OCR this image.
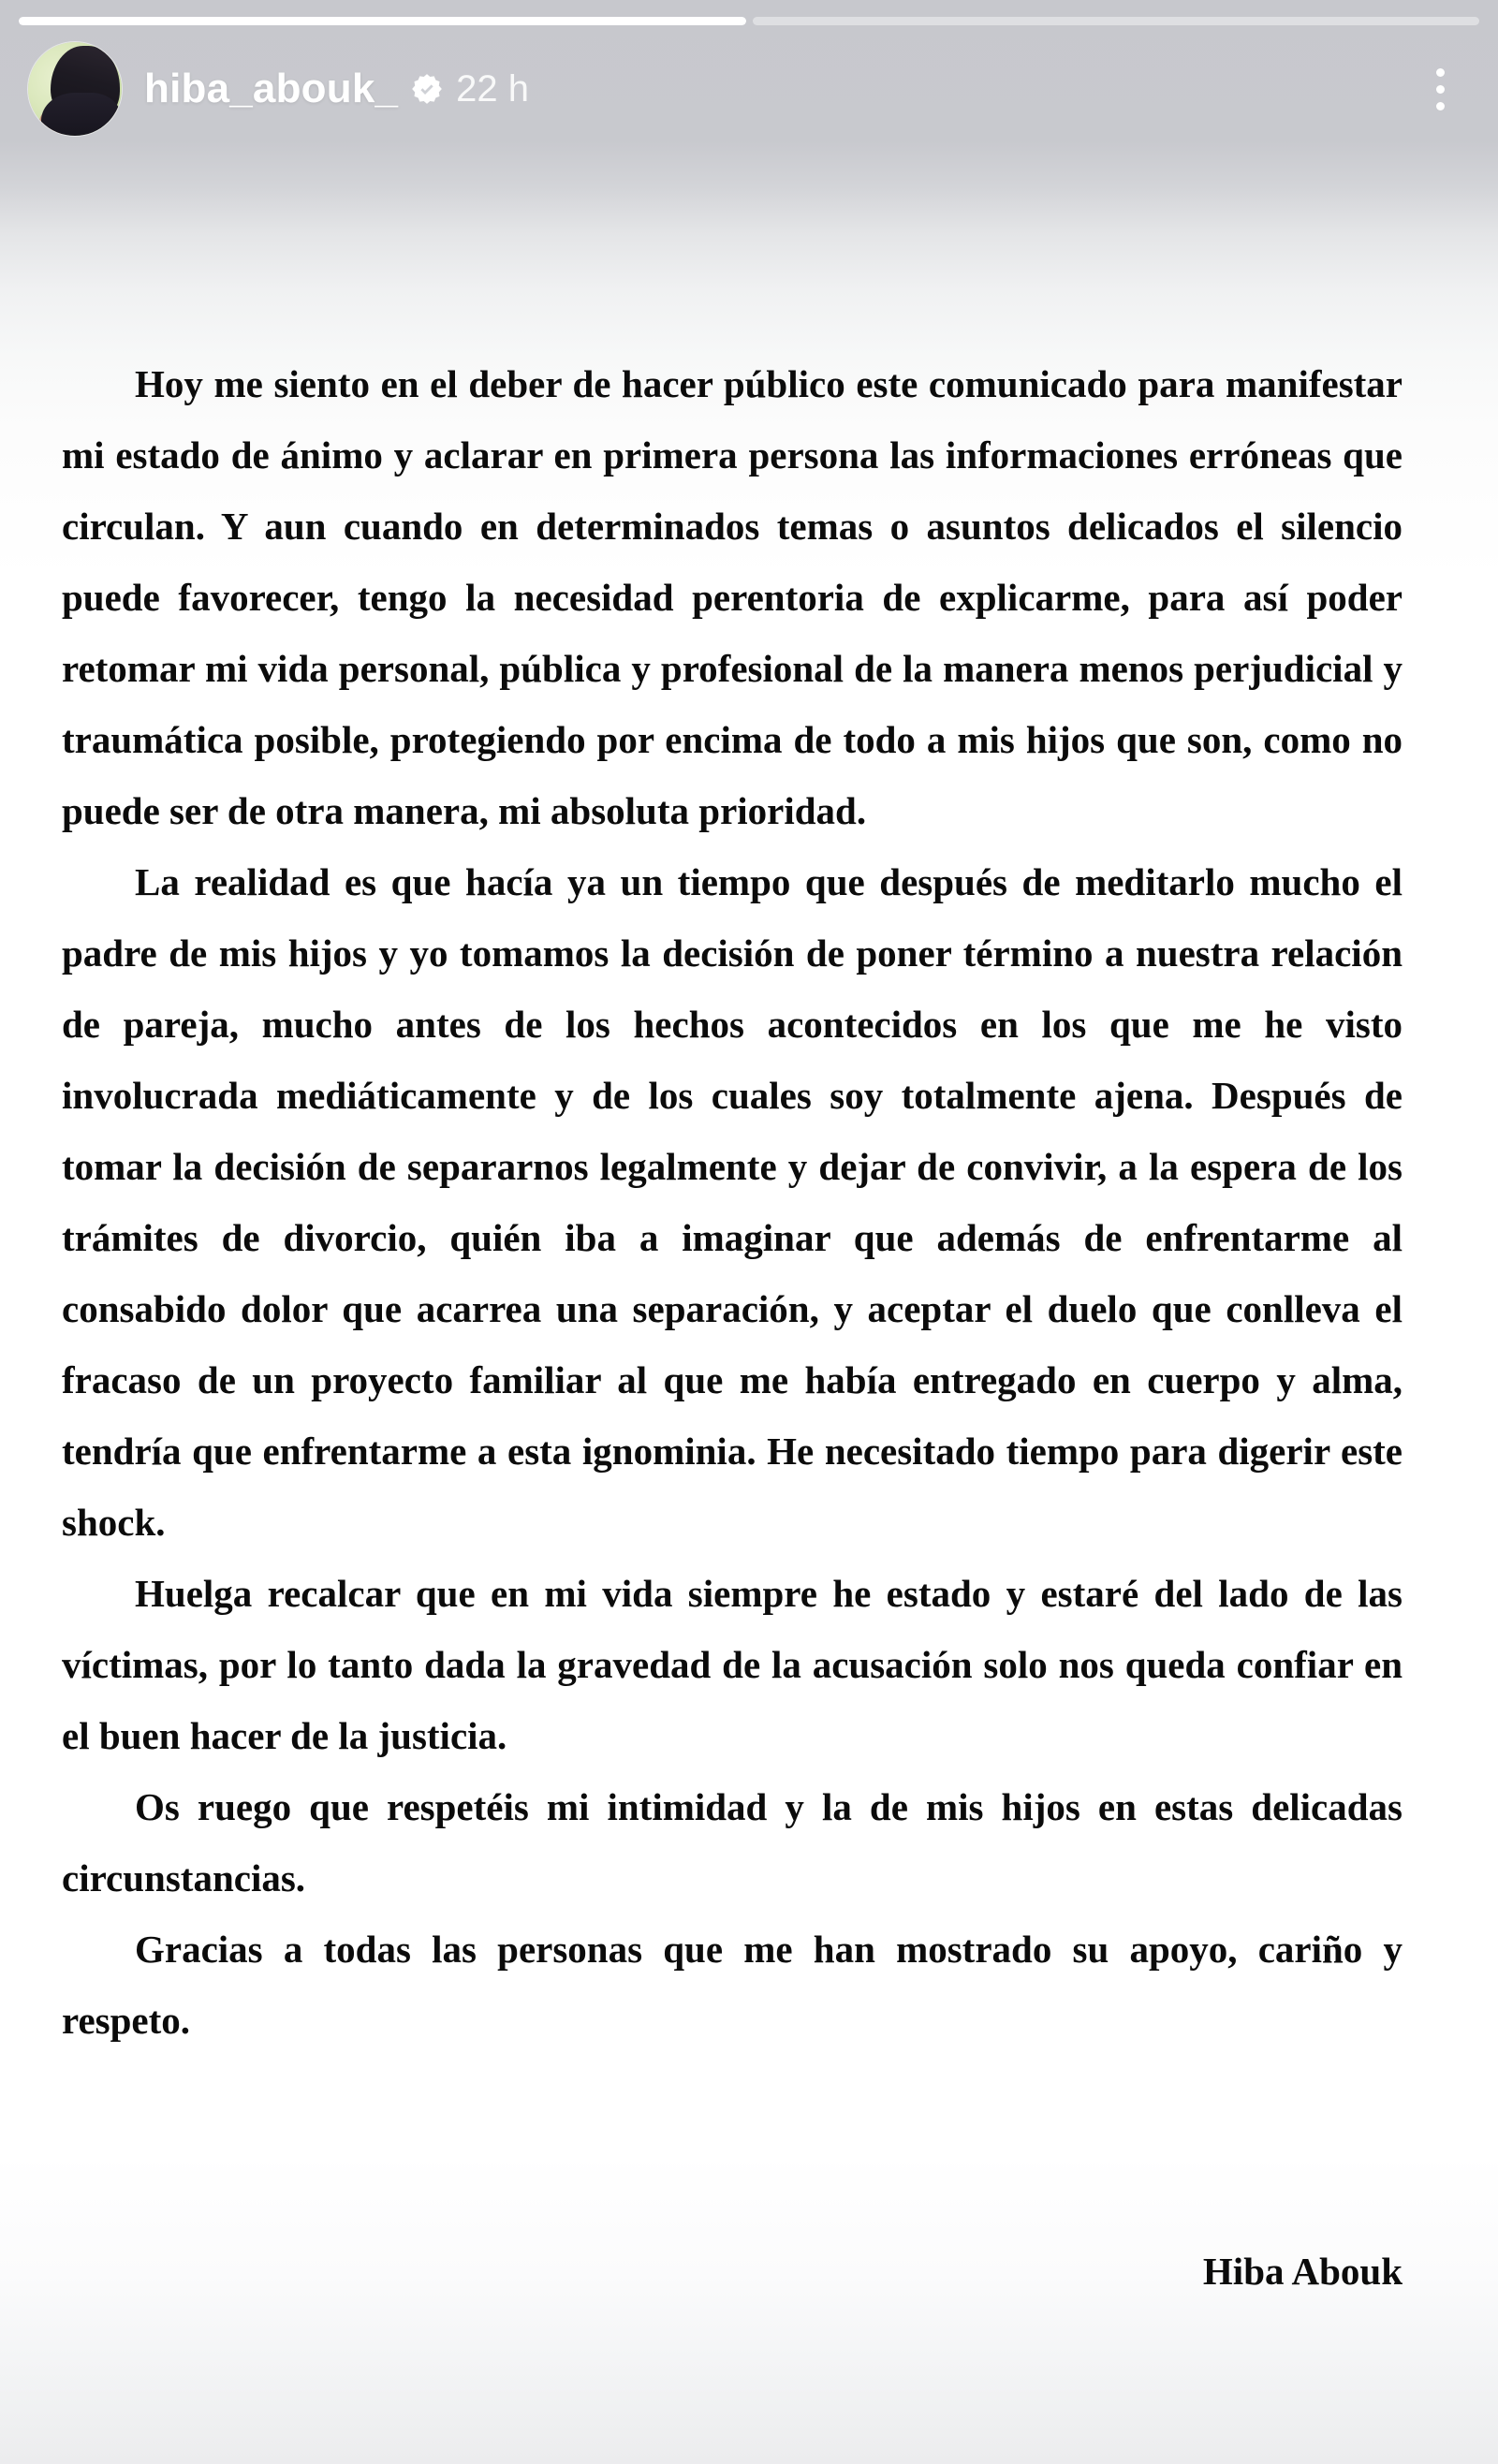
hiba_abouk_ 22 h

Hoy me siento en el deber de hacer público este comunicado para manifestar mi estado de ánimo y aclarar en primera persona las informaciones erróneas que circulan. Y aun cuando en determinados temas o asuntos delicados el silencio puede favorecer, tengo la necesidad perentoria de explicarme, para así poder retomar mi vida personal, pública y profesional de la manera menos perjudicial y traumática posible, protegiendo por encima de todo a mis hijos que son, como no puede ser de otra manera, mi absoluta prioridad.

La realidad es que hacía ya un tiempo que después de meditarlo mucho el padre de mis hijos y yo tomamos la decisión de poner término a nuestra relación de pareja, mucho antes de los hechos acontecidos en los que me he visto involucrada mediáticamente y de los cuales soy totalmente ajena. Después de tomar la decisión de separarnos legalmente y dejar de convivir, a la espera de los trámites de divorcio, quién iba a imaginar que además de enfrentarme al consabido dolor que acarrea una separación, y aceptar el duelo que conlleva el fracaso de un proyecto familiar al que me había entregado en cuerpo y alma, tendría que enfrentarme a esta ignominia. He necesitado tiempo para digerir este shock.

Huelga recalcar que en mi vida siempre he estado y estaré del lado de las víctimas, por lo tanto dada la gravedad de la acusación solo nos queda confiar en el buen hacer de la justicia.

Os ruego que respetéis mi intimidad y la de mis hijos en estas delicadas circunstancias.

Gracias a todas las personas que me han mostrado su apoyo, cariño y respeto.

Hiba Abouk
